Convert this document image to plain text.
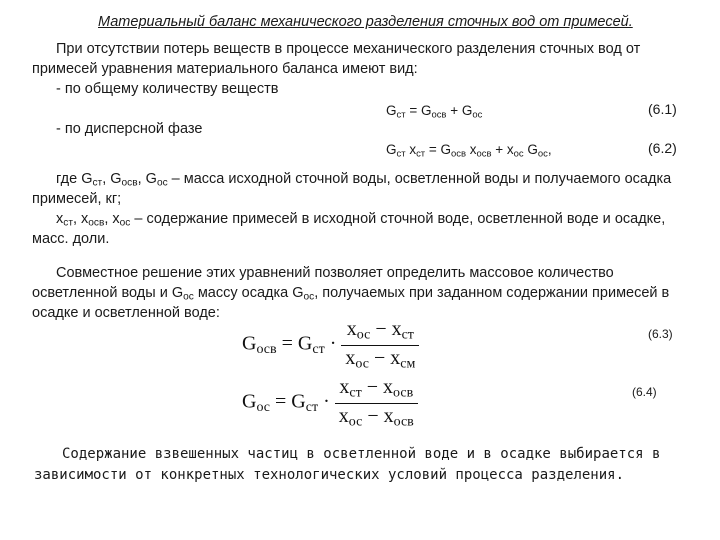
Материальный баланс механического разделения сточных вод от примесей.
При отсутствии потерь веществ в процессе механического разделения сточных вод от
примесей уравнения материального баланса имеют вид:
- по общему количеству веществ
$G_{ст} = G_{осв} + G_{ос}$	(6.1)
- по дисперсной фазе
$G_{ст}$ $x_{ст} = G_{осв}$ $x_{осв} + x_{ос}$ $G_{ос}$,	(6.2)
где $G_{ст}$, $G_{осв}$, $G_{ос}$ – масса исходной сточной воды, осветленной воды и получаемого осадка
примесей, кг;
$x_{ст}$, $x_{осв}$, $x_{ос}$ – содержание примесей в исходной сточной воде, осветленной воде и осадке,
масс. доли.
Совместное решение этих уравнений позволяет определить массовое количество
осветленной воды и $G_{ос}$ массу осадка $G_{ос}$, получаемых при заданном содержании примесей в
осадке и осветленной воде:
$G_{осв} = G_{ст} \cdot \frac{x_{ос} - x_{ст}}{x_{ос} - x_{см}}$	(6.3)
$G_{ос} = G_{ст} \cdot \frac{x_{ст} - x_{осв}}{x_{ос} - x_{осв}}$	(6.4)
Содержание взвешенных частиц в осветленной воде и в осадке выбирается в
зависимости от конкретных технологических условий процесса разделения.
